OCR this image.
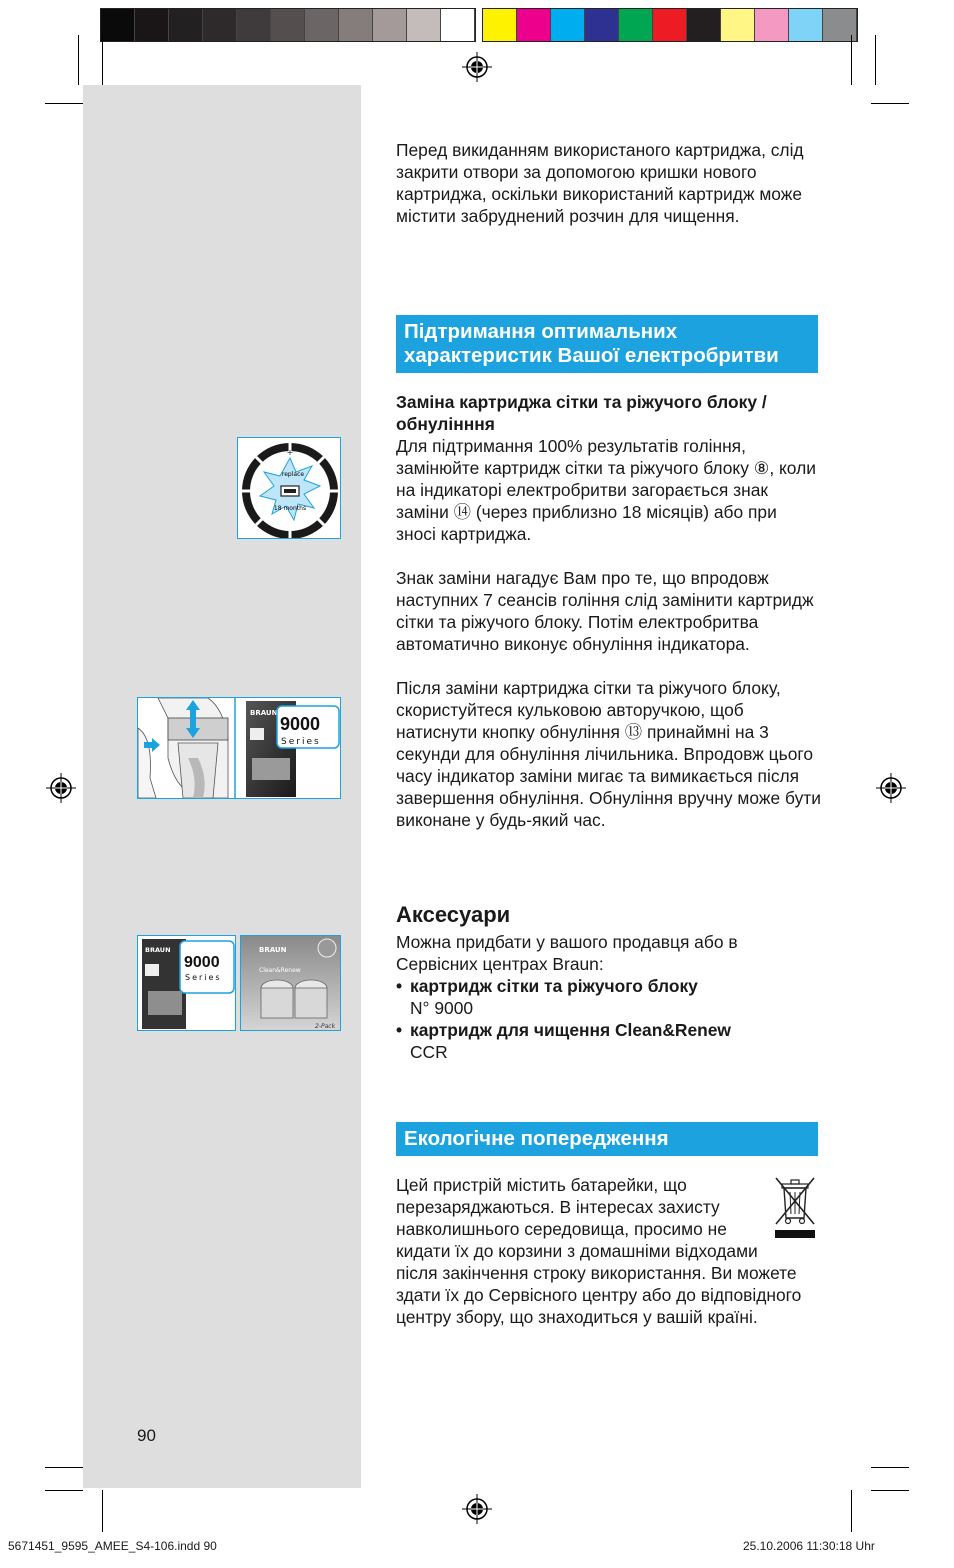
replace
18 months
+
BRAUN
9000
Series
BRAUN
9000
Series
BRAUN
Clean&Renew
2-Pack

Перед викиданням використаного картриджа, слід закрити отвори за допомогою кришки нового картриджа, оскільки використаний картридж може містити забруднений розчин для чищення.

Підтримання оптимальних характеристик Вашої електробритви

Заміна картриджа сітки та ріжучого блоку / обнулінння

Для підтримання 100% результатів гоління, замінюйте картридж сітки та ріжучого блоку ⑧, коли на індикаторі електробритви загорається знак заміни ⑭ (через приблизно 18 місяців) або при зносі картриджа.

Знак заміни нагадує Вам про те, що впродовж наступних 7 сеансів гоління слід замінити картридж сітки та ріжучого блоку. Потім електробритва автоматично виконує обнуління індикатора.

Після заміни картриджа сітки та ріжучого блоку, скористуйтеся кульковою авторучкою, щоб натиснути кнопку обнуління ⑬ принаймні на 3 секунди для обнуління лічильника. Впродовж цього часу індикатор заміни мигає та вимикається після завершення обнуління. Обнуління вручну може бути виконане у будь-який час.

Аксесуари

Можна придбати у вашого продавця або в Сервісних центрах Braun:

• картридж сітки та ріжучого блоку
N° 9000
• картридж для чищення Clean&Renew
CCR
Екологічне попередження

Цей пристрій містить батарейки, що перезаряджаються. В інтересах захисту навколишнього середовища, просимо не кидати їх до корзини з домашніми відходами після закінчення строку використання. Ви можете здати їх до Сервісного центру або до відповідного центру збору, що знаходиться у вашій країні.

90
5671451_9595_AMEE_S4-106.indd 90	25.10.2006 11:30:18 Uhr
